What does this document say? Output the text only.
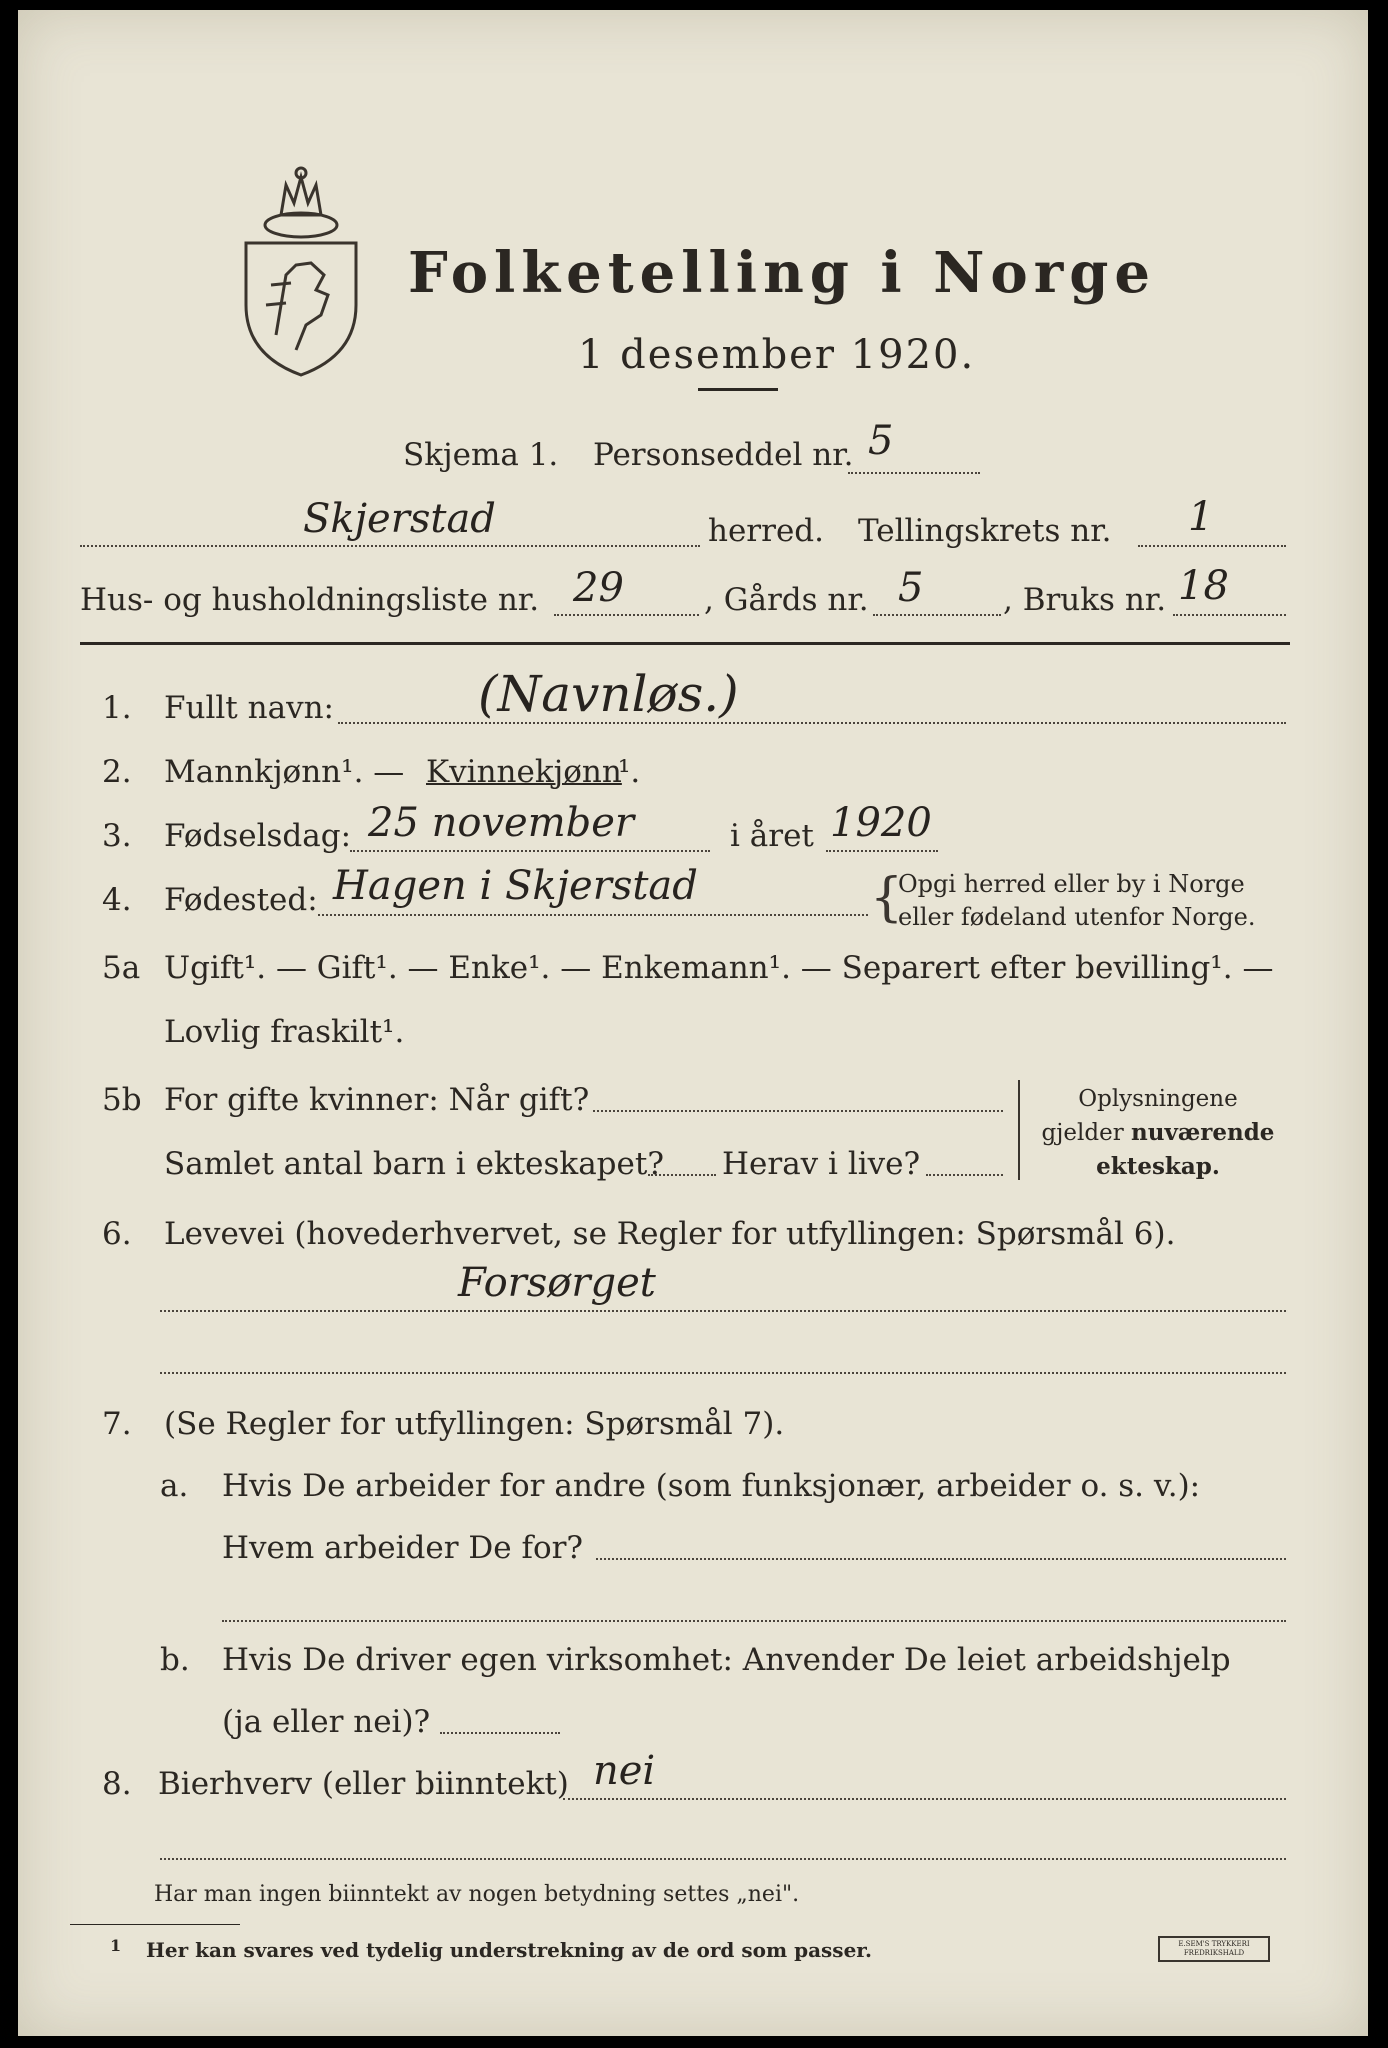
Folketelling i Norge
1 desember 1920.
Skjema 1. Personseddel nr. 5
Skjerstad	herred. Tellingskrets nr. 1
Hus- og husholdningsliste nr. 29	, Gårds nr. 5	, Bruks nr. 18
1. Fullt navn:	(Navnløs.)
2. Mannkjønn¹. — Kvinnekjønn
¹.
3. Fødselsdag: 25 november	i året 1920
4. Fødested: Hagen i Skjerstad	{
Opgi herred eller by i Norge
eller fødeland utenfor Norge.
5a Ugift¹. — Gift¹. — Enke¹. — Enkemann¹. — Separert efter bevilling¹. —
Lovlig fraskilt¹.
5b For gifte kvinner: Når gift?
Samlet antal barn i ekteskapet? Herav i live?
Oplysningene
gjelder nuværende
ekteskap.
6. Levevei (hovederhvervet, se Regler for utfyllingen: Spørsmål 6).
Forsørget
7. (Se Regler for utfyllingen: Spørsmål 7).
a. Hvis De arbeider for andre (som funksjonær, arbeider o. s. v.):
Hvem arbeider De for?
b. Hvis De driver egen virksomhet: Anvender De leiet arbeidshjelp
(ja eller nei)?
8. Bierhverv (eller biinntekt) nei
Har man ingen biinntekt av nogen betydning settes „nei".
1 Her kan svares ved tydelig understrekning av de ord som passer.	E.SEM'S TRYKKERI
FREDRIKSHALD
